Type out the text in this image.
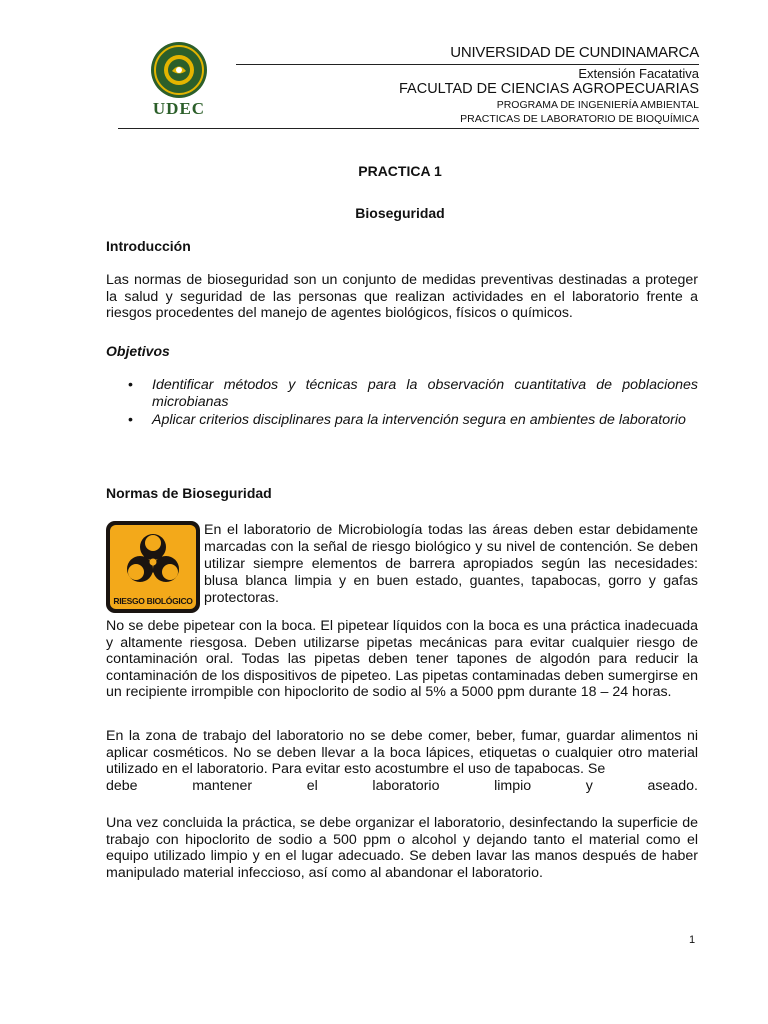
UDEC
UNIVERSIDAD DE CUNDINAMARCA
Extensión Facatativa
FACULTAD DE CIENCIAS AGROPECUARIAS
PROGRAMA DE INGENIERÍA AMBIENTAL
PRACTICAS DE LABORATORIO DE BIOQUÍMICA
PRACTICA 1
Bioseguridad
Introducción
Las normas de bioseguridad son un conjunto de medidas preventivas destinadas a proteger la salud y seguridad de las personas que realizan actividades en el laboratorio frente a riesgos procedentes del manejo de agentes biológicos, físicos o químicos.
Objetivos
• Identificar métodos y técnicas para la observación cuantitativa de poblaciones microbianas
• Aplicar criterios disciplinares para la intervención segura en ambientes de laboratorio
Normas de Bioseguridad
RIESGO BIOLÓGICO
En el laboratorio de Microbiología todas las áreas deben estar debidamente marcadas con la señal de riesgo biológico y su nivel de contención. Se deben utilizar siempre elementos de barrera apropiados según las necesidades: blusa blanca limpia y en buen estado, guantes, tapabocas, gorro y gafas protectoras.
No se debe pipetear con la boca. El pipetear líquidos con la boca es una práctica inadecuada y altamente riesgosa. Deben utilizarse pipetas mecánicas para evitar cualquier riesgo de contaminación oral. Todas las pipetas deben tener tapones de algodón para reducir la contaminación de los dispositivos de pipeteo. Las pipetas contaminadas deben sumergirse en un recipiente irrompible con hipoclorito de sodio al 5% a 5000 ppm durante 18 – 24 horas.
En la zona de trabajo del laboratorio no se debe comer, beber, fumar, guardar alimentos ni aplicar cosméticos. No se deben llevar a la boca lápices, etiquetas o cualquier otro material utilizado en el laboratorio. Para evitar esto acostumbre el uso de tapabocas. Se
debe mantener el laboratorio limpio y aseado.
Una vez concluida la práctica, se debe organizar el laboratorio, desinfectando la superficie de trabajo con hipoclorito de sodio a 500 ppm o alcohol y dejando tanto el material como el equipo utilizado limpio y en el lugar adecuado. Se deben lavar las manos después de haber manipulado material infeccioso, así como al abandonar el laboratorio.
1
